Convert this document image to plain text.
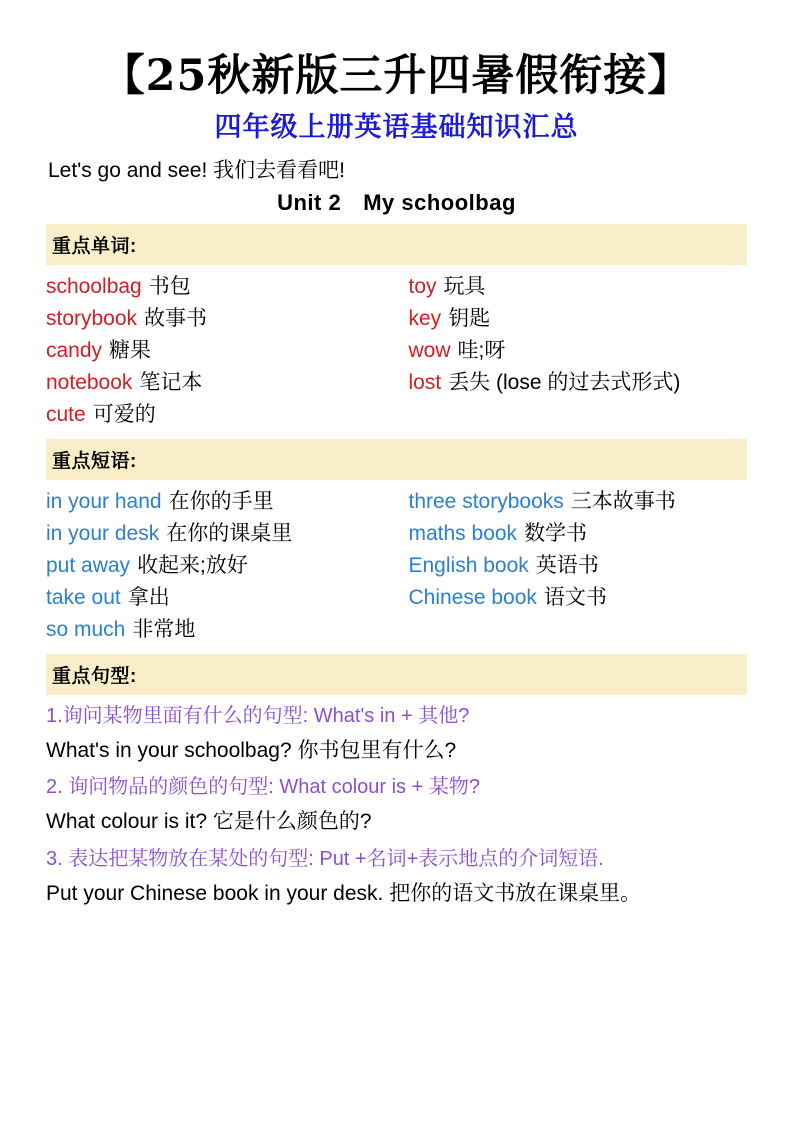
【25秋新版三升四暑假衔接】
四年级上册英语基础知识汇总
Let's go and see! 我们去看看吧!
Unit 2 My schoolbag
重点单词:
schoolbag 书包
storybook 故事书
candy 糖果
notebook 笔记本
cute 可爱的
toy 玩具
key 钥匙
wow 哇;呀
lost 丢失 (lose 的过去式形式)
重点短语:
in your hand 在你的手里
in your desk 在你的课桌里
put away 收起来;放好
take out 拿出
so much 非常地
three storybooks 三本故事书
maths book 数学书
English book 英语书
Chinese book 语文书
重点句型:
1.询问某物里面有什么的句型: What's in + 其他?
What's in your schoolbag? 你书包里有什么?
2. 询问物品的颜色的句型: What colour is + 某物?
What colour is it? 它是什么颜色的?
3. 表达把某物放在某处的句型: Put +名词+表示地点的介词短语.
Put your Chinese book in your desk. 把你的语文书放在课桌里。
